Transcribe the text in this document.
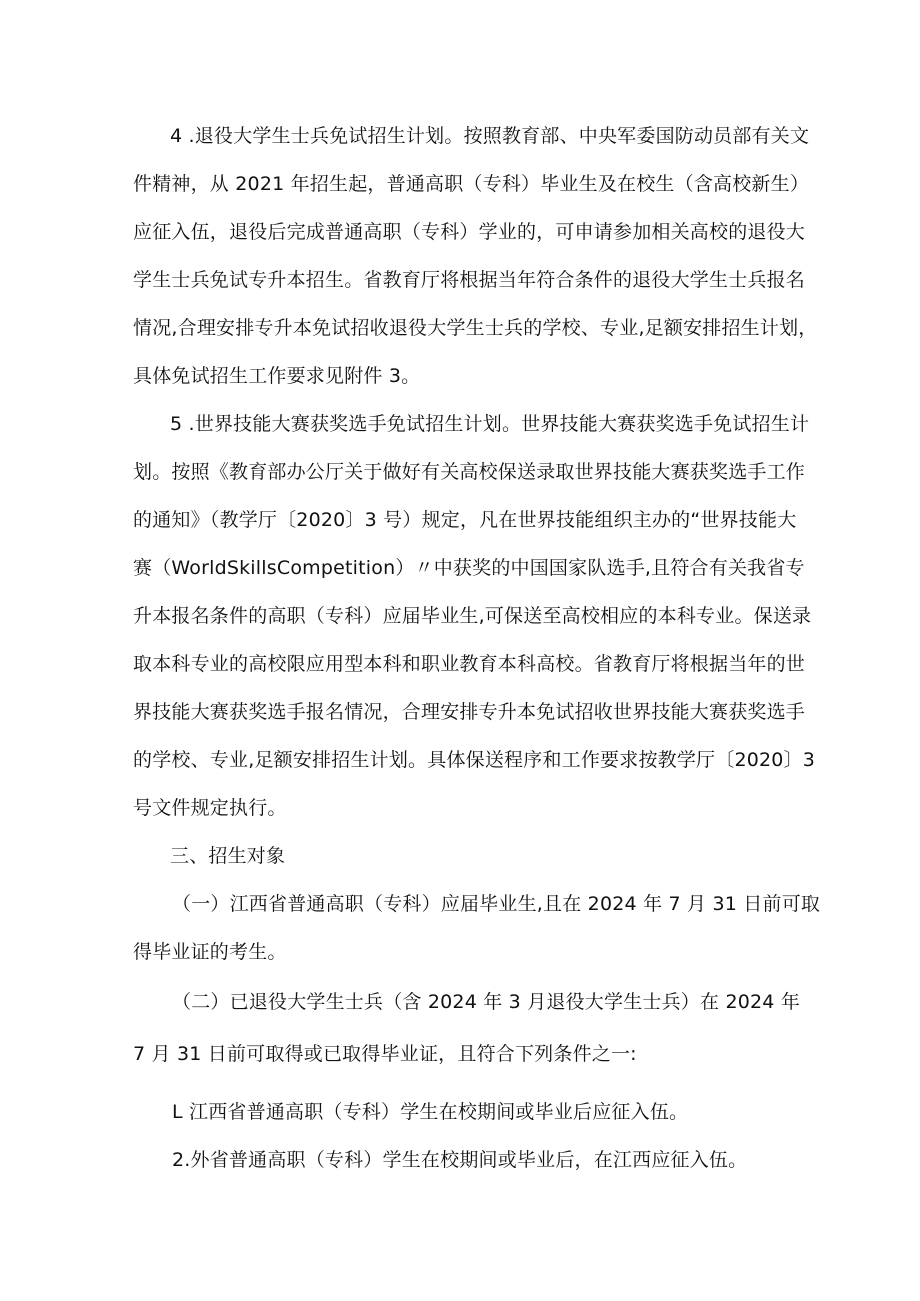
4 .退役大学生士兵免试招生计划。按照教育部、中央军委国防动员部有关文
件精神，从 2021 年招生起，普通高职（专科）毕业生及在校生（含高校新生）
应征入伍，退役后完成普通高职（专科）学业的，可申请参加相关高校的退役大
学生士兵免试专升本招生。省教育厅将根据当年符合条件的退役大学生士兵报名
情况,合理安排专升本免试招收退役大学生士兵的学校、专业,足额安排招生计划，
具体免试招生工作要求见附件 3。
5 .世界技能大赛获奖选手免试招生计划。世界技能大赛获奖选手免试招生计
划。按照《教育部办公厅关于做好有关高校保送录取世界技能大赛获奖选手工作
的通知》（教学厅〔2020〕3 号）规定，凡在世界技能组织主办的“世界技能大
赛（WorldSkillsCompetition）〃中获奖的中国国家队选手,且符合有关我省专
升本报名条件的高职（专科）应届毕业生,可保送至高校相应的本科专业。保送录
取本科专业的高校限应用型本科和职业教育本科高校。省教育厅将根据当年的世
界技能大赛获奖选手报名情况，合理安排专升本免试招收世界技能大赛获奖选手
的学校、专业,足额安排招生计划。具体保送程序和工作要求按教学厅〔2020〕3
号文件规定执行。
三、招生对象
（一）江西省普通高职（专科）应届毕业生,且在 2024 年 7 月 31 日前可取
得毕业证的考生。
（二）已退役大学生士兵（含 2024 年 3 月退役大学生士兵）在 2024 年
7 月 31 日前可取得或已取得毕业证，且符合下列条件之一:
L 江西省普通高职（专科）学生在校期间或毕业后应征入伍。
2.外省普通高职（专科）学生在校期间或毕业后，在江西应征入伍。
